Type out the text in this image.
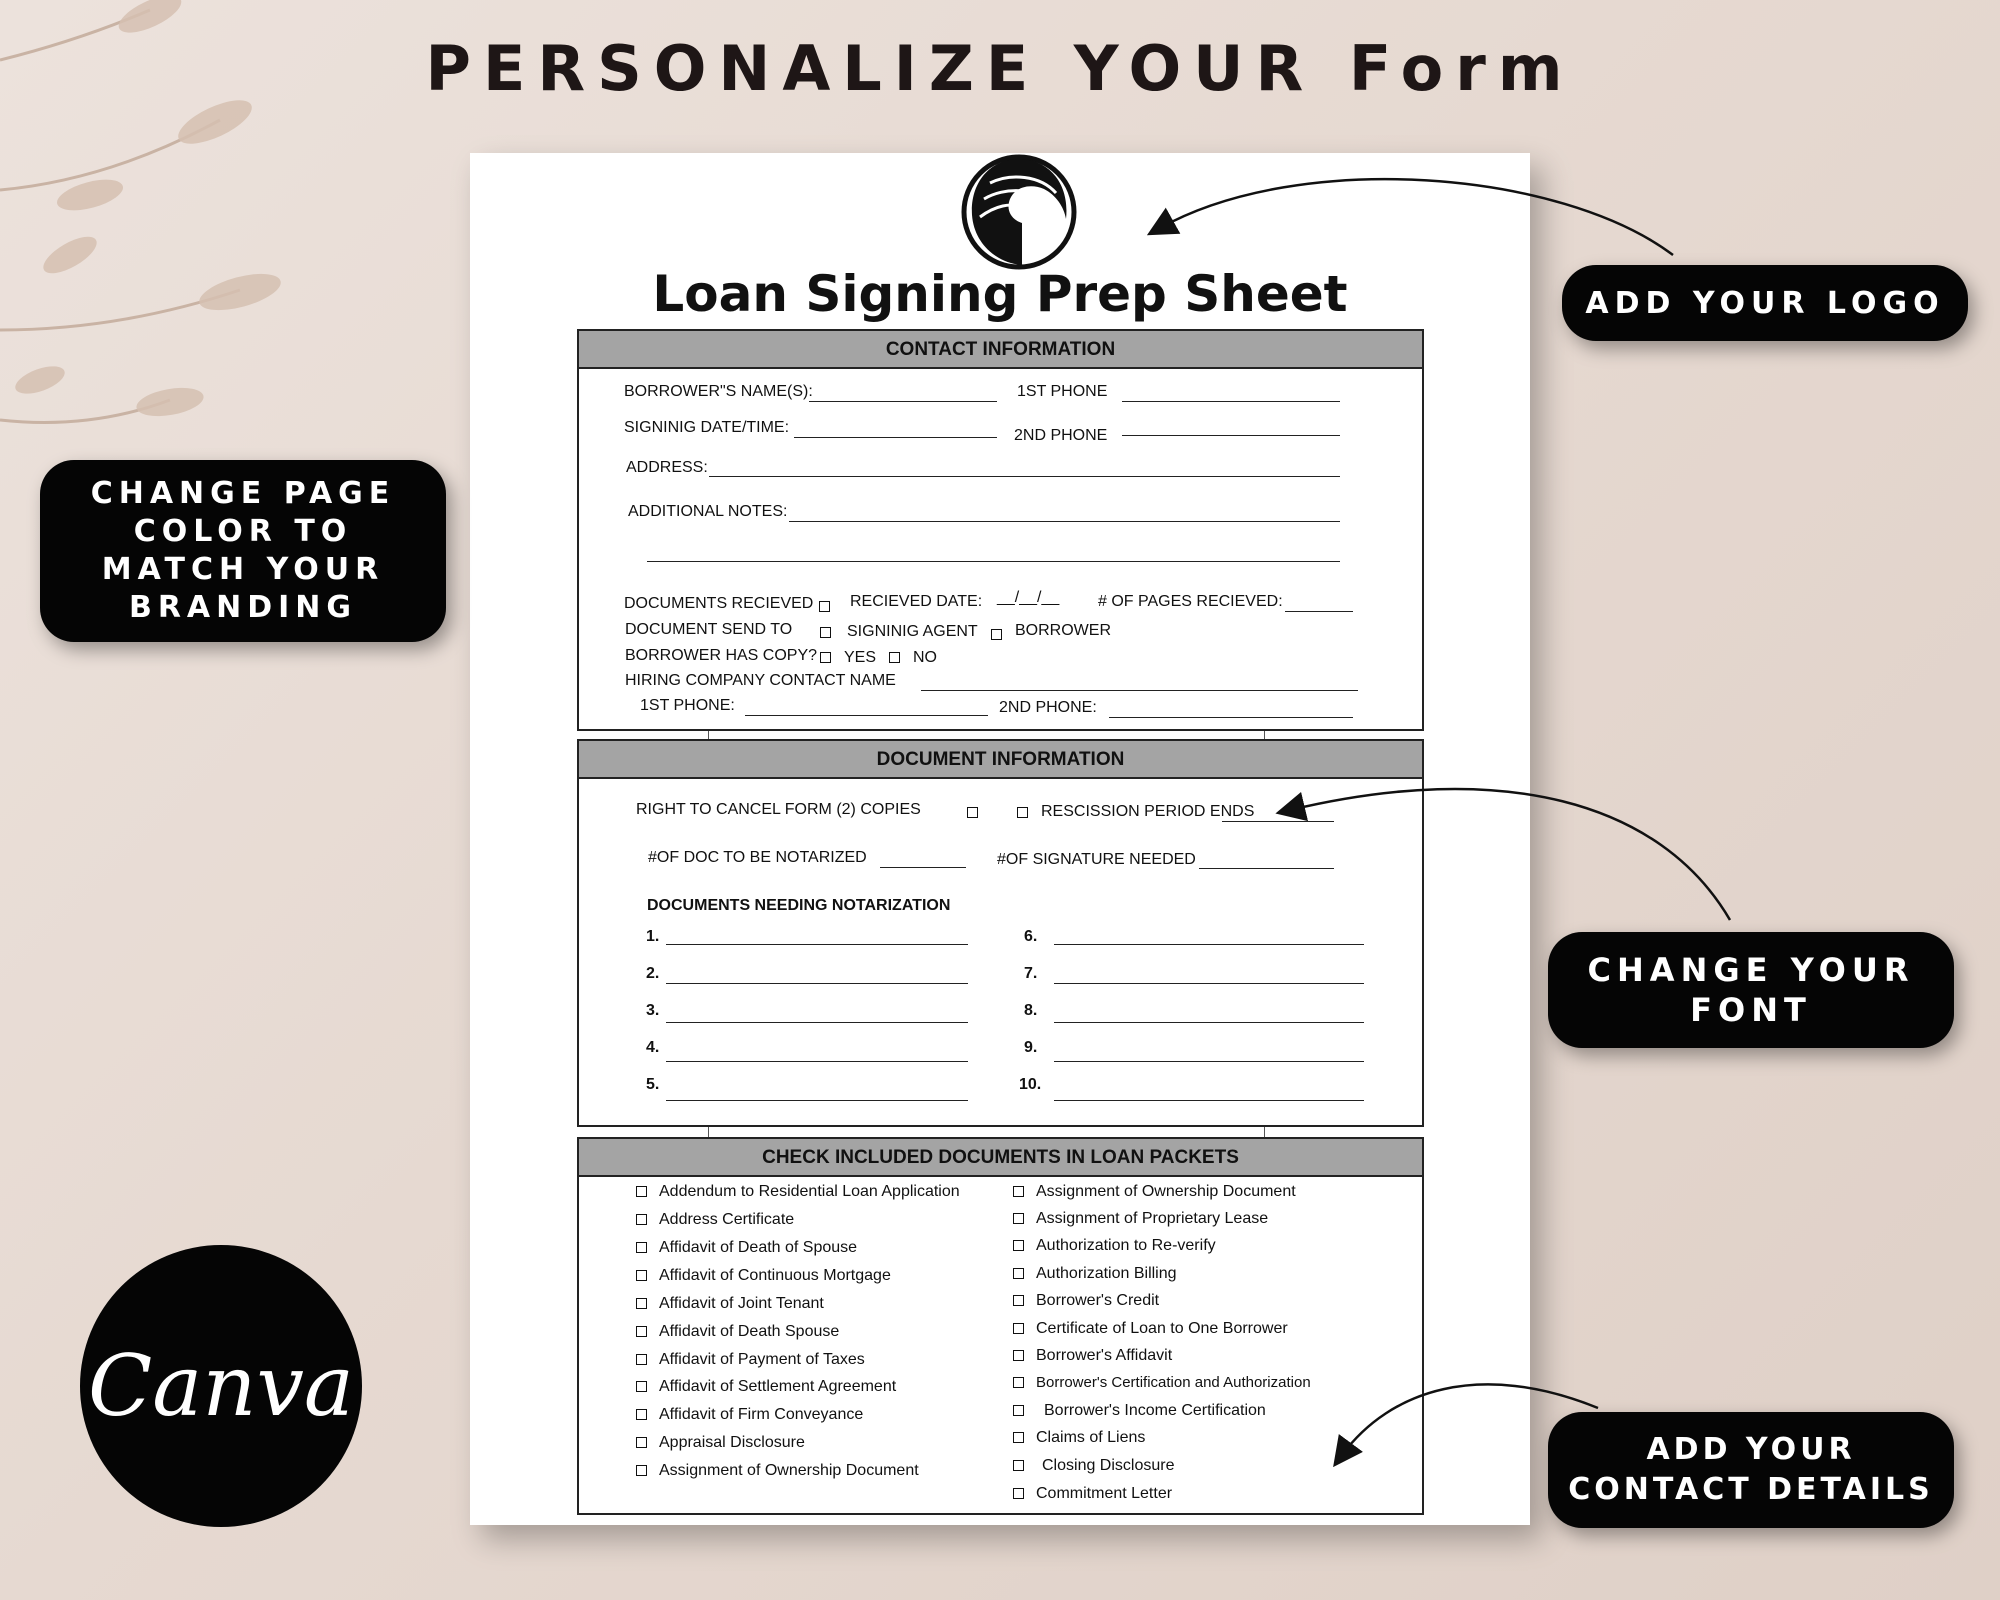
PERSONALIZE YOUR Form
Loan Signing Prep Sheet
CONTACT INFORMATION
BORROWER"S NAME(S):	1ST PHONE
SIGNINIG DATE/TIME:	2ND PHONE
ADDRESS:
ADDITIONAL NOTES:
DOCUMENTS RECIEVED RECIEVED DATE: __/__/__ # OF PAGES RECIEVED:
DOCUMENT SEND TO	SIGNINIG AGENT BORROWER
BORROWER HAS COPY? YES NO
HIRING COMPANY CONTACT NAME
1ST PHONE:	2ND PHONE:
DOCUMENT INFORMATION
RIGHT TO CANCEL FORM (2) COPIES	RESCISSION PERIOD ENDS
#OF DOC TO BE NOTARIZED	#OF SIGNATURE NEEDED
DOCUMENTS NEEDING NOTARIZATION
1.
2.
3.
4.
5.
6.
7.
8.
9.
10.
CHECK INCLUDED DOCUMENTS IN LOAN PACKETS
Addendum to Residential Loan Application
Address Certificate
Affidavit of Death of Spouse
Affidavit of Continuous Mortgage
Affidavit of Joint Tenant
Affidavit of Death Spouse
Affidavit of Payment of Taxes
Affidavit of Settlement Agreement
Affidavit of Firm Conveyance
Appraisal Disclosure
Assignment of Ownership Document
Assignment of Ownership Document
Assignment of Proprietary Lease
Authorization to Re-verify
Authorization Billing
Borrower's Credit
Certificate of Loan to One Borrower
Borrower's Affidavit
Borrower's Certification and Authorization
Borrower's Income Certification
Claims of Liens
Closing Disclosure
Commitment Letter
ADD YOUR LOGO
CHANGE PAGE
COLOR TO
MATCH YOUR
BRANDING
CHANGE YOUR
FONT
ADD YOUR
CONTACT DETAILS
Canva
